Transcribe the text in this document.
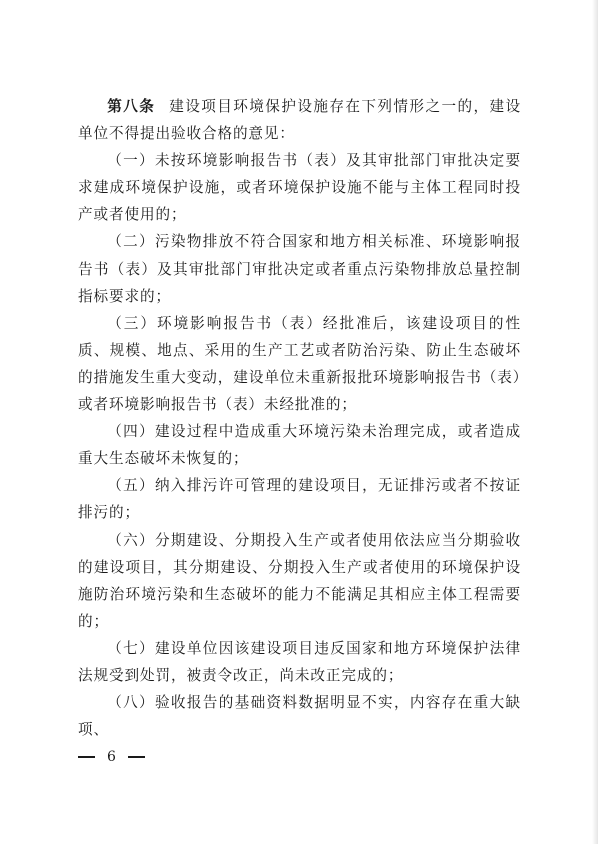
第八条 建设项目环境保护设施存在下列情形之一的，建设单位不得提出验收合格的意见：

（一）未按环境影响报告书（表）及其审批部门审批决定要求建成环境保护设施，或者环境保护设施不能与主体工程同时投产或者使用的；

（二）污染物排放不符合国家和地方相关标准、环境影响报告书（表）及其审批部门审批决定或者重点污染物排放总量控制指标要求的；

（三）环境影响报告书（表）经批准后，该建设项目的性质、规模、地点、采用的生产工艺或者防治污染、防止生态破坏的措施发生重大变动，建设单位未重新报批环境影响报告书（表）或者环境影响报告书（表）未经批准的；

（四）建设过程中造成重大环境污染未治理完成，或者造成重大生态破坏未恢复的；

（五）纳入排污许可管理的建设项目，无证排污或者不按证排污的；

（六）分期建设、分期投入生产或者使用依法应当分期验收的建设项目，其分期建设、分期投入生产或者使用的环境保护设施防治环境污染和生态破坏的能力不能满足其相应主体工程需要的；

（七）建设单位因该建设项目违反国家和地方环境保护法律法规受到处罚，被责令改正，尚未改正完成的；

（八）验收报告的基础资料数据明显不实，内容存在重大缺项、

6
